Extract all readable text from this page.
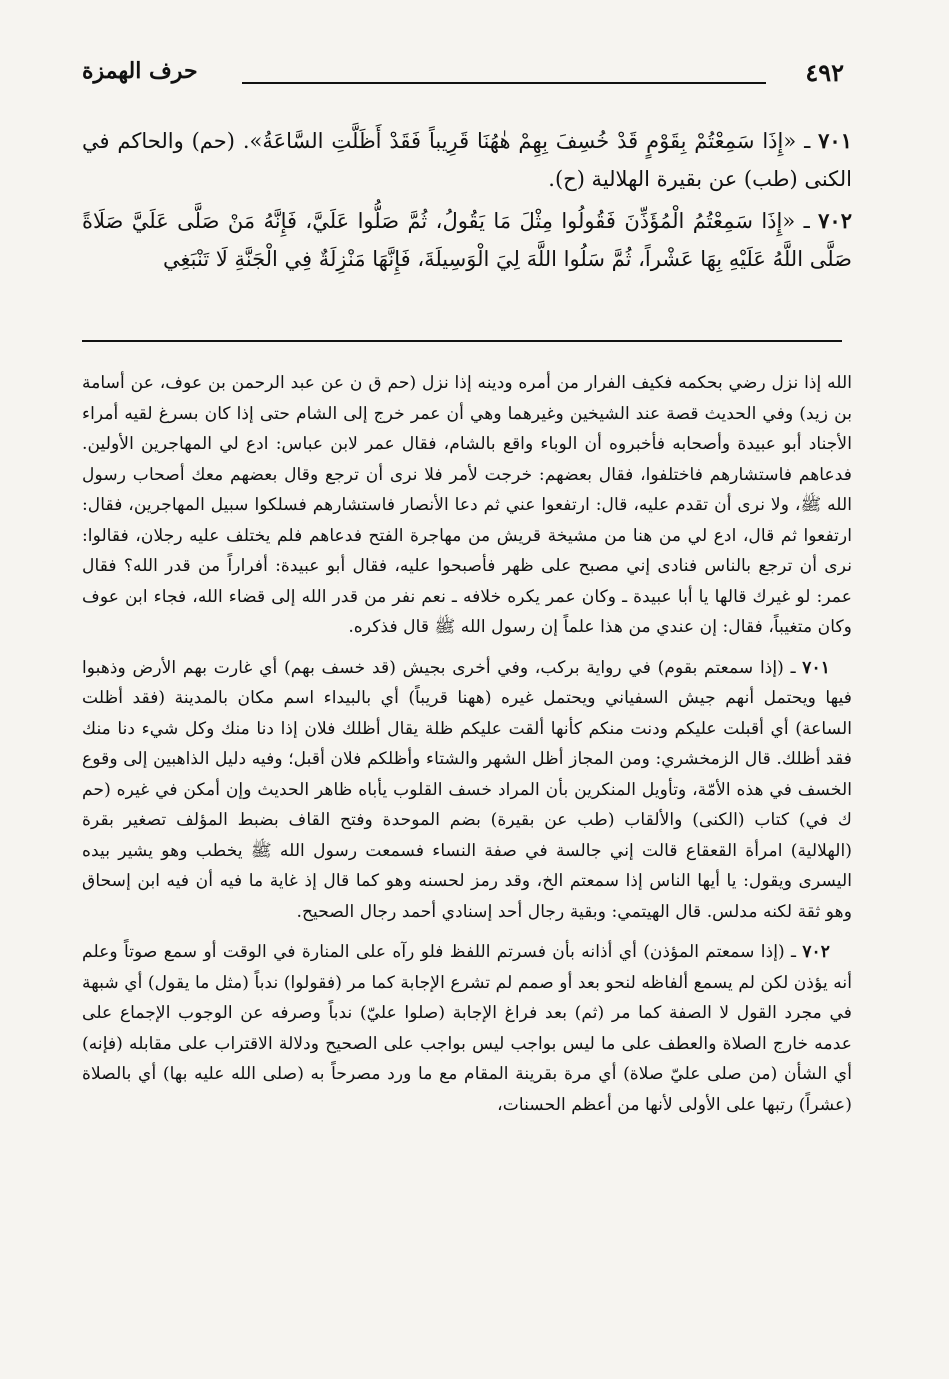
٤٩٢
حرف الهمزة

٧٠١ ـ «إِذَا سَمِعْتُمْ بِقَوْمٍ قَدْ خُسِفَ بِهِمْ هٰهُنَا قَرِيباً فَقَدْ أَظَلَّتِ السَّاعَةُ». (حم) والحاكم في الكنى (طب) عن بقيرة الهلالية (ح).

٧٠٢ ـ «إِذَا سَمِعْتُمُ الْمُؤَذِّنَ فَقُولُوا مِثْلَ مَا يَقُولُ، ثُمَّ صَلُّوا عَلَيَّ، فَإِنَّهُ مَنْ صَلَّى عَلَيَّ صَلَاةً صَلَّى اللَّهُ عَلَيْهِ بِهَا عَشْراً، ثُمَّ سَلُوا اللَّهَ لِيَ الْوَسِيلَةَ، فَإِنَّهَا مَنْزِلَةٌ فِي الْجَنَّةِ لَا تَنْبَغِي

الله إذا نزل رضي بحكمه فكيف الفرار من أمره ودينه إذا نزل (حم ق ن عن عبد الرحمن بن عوف، عن أسامة بن زيد) وفي الحديث قصة عند الشيخين وغيرهما وهي أن عمر خرج إلى الشام حتى إذا كان بسرغ لقيه أمراء الأجناد أبو عبيدة وأصحابه فأخبروه أن الوباء واقع بالشام، فقال عمر لابن عباس: ادع لي المهاجرين الأولين. فدعاهم فاستشارهم فاختلفوا، فقال بعضهم: خرجت لأمر فلا نرى أن ترجع وقال بعضهم معك أصحاب رسول الله ﷺ، ولا نرى أن تقدم عليه، قال: ارتفعوا عني ثم دعا الأنصار فاستشارهم فسلكوا سبيل المهاجرين، فقال: ارتفعوا ثم قال، ادع لي من هنا من مشيخة قريش من مهاجرة الفتح فدعاهم فلم يختلف عليه رجلان، فقالوا: نرى أن ترجع بالناس فنادى إني مصبح على ظهر فأصبحوا عليه، فقال أبو عبيدة: أفراراً من قدر الله؟ فقال عمر: لو غيرك قالها يا أبا عبيدة ـ وكان عمر يكره خلافه ـ نعم نفر من قدر الله إلى قضاء الله، فجاء ابن عوف وكان متغيباً، فقال: إن عندي من هذا علماً إن رسول الله ﷺ قال فذكره.

٧٠١ ـ (إذا سمعتم بقوم) في رواية بركب، وفي أخرى بجيش (قد خسف بهم) أي غارت بهم الأرض وذهبوا فيها ويحتمل أنهم جيش السفياني ويحتمل غيره (ههنا قريباً) أي بالبيداء اسم مكان بالمدينة (فقد أظلت الساعة) أي أقبلت عليكم ودنت منكم كأنها ألقت عليكم ظلة يقال أظلك فلان إذا دنا منك وكل شيء دنا منك فقد أظلك. قال الزمخشري: ومن المجاز أظل الشهر والشتاء وأظلكم فلان أقبل؛ وفيه دليل الذاهبين إلى وقوع الخسف في هذه الأمّة، وتأويل المنكرين بأن المراد خسف القلوب يأباه ظاهر الحديث وإن أمكن في غيره (حم ك في) كتاب (الكنى) والألقاب (طب عن بقيرة) بضم الموحدة وفتح القاف بضبط المؤلف تصغير بقرة (الهلالية) امرأة القعقاع قالت إني جالسة في صفة النساء فسمعت رسول الله ﷺ يخطب وهو يشير بيده اليسرى ويقول: يا أيها الناس إذا سمعتم الخ، وقد رمز لحسنه وهو كما قال إذ غاية ما فيه أن فيه ابن إسحاق وهو ثقة لكنه مدلس. قال الهيتمي: وبقية رجال أحد إسنادي أحمد رجال الصحيح.

٧٠٢ ـ (إذا سمعتم المؤذن) أي أذانه بأن فسرتم اللفظ فلو رآه على المنارة في الوقت أو سمع صوتاً وعلم أنه يؤذن لكن لم يسمع ألفاظه لنحو بعد أو صمم لم تشرع الإجابة كما مر (فقولوا) ندباً (مثل ما يقول) أي شبهة في مجرد القول لا الصفة كما مر (ثم) بعد فراغ الإجابة (صلوا عليّ) ندباً وصرفه عن الوجوب الإجماع على عدمه خارج الصلاة والعطف على ما ليس بواجب ليس بواجب على الصحيح ودلالة الاقتراب على مقابله (فإنه) أي الشأن (من صلى عليّ صلاة) أي مرة بقرينة المقام مع ما ورد مصرحاً به (صلى الله عليه بها) أي بالصلاة (عشراً) رتبها على الأولى لأنها من أعظم الحسنات،
